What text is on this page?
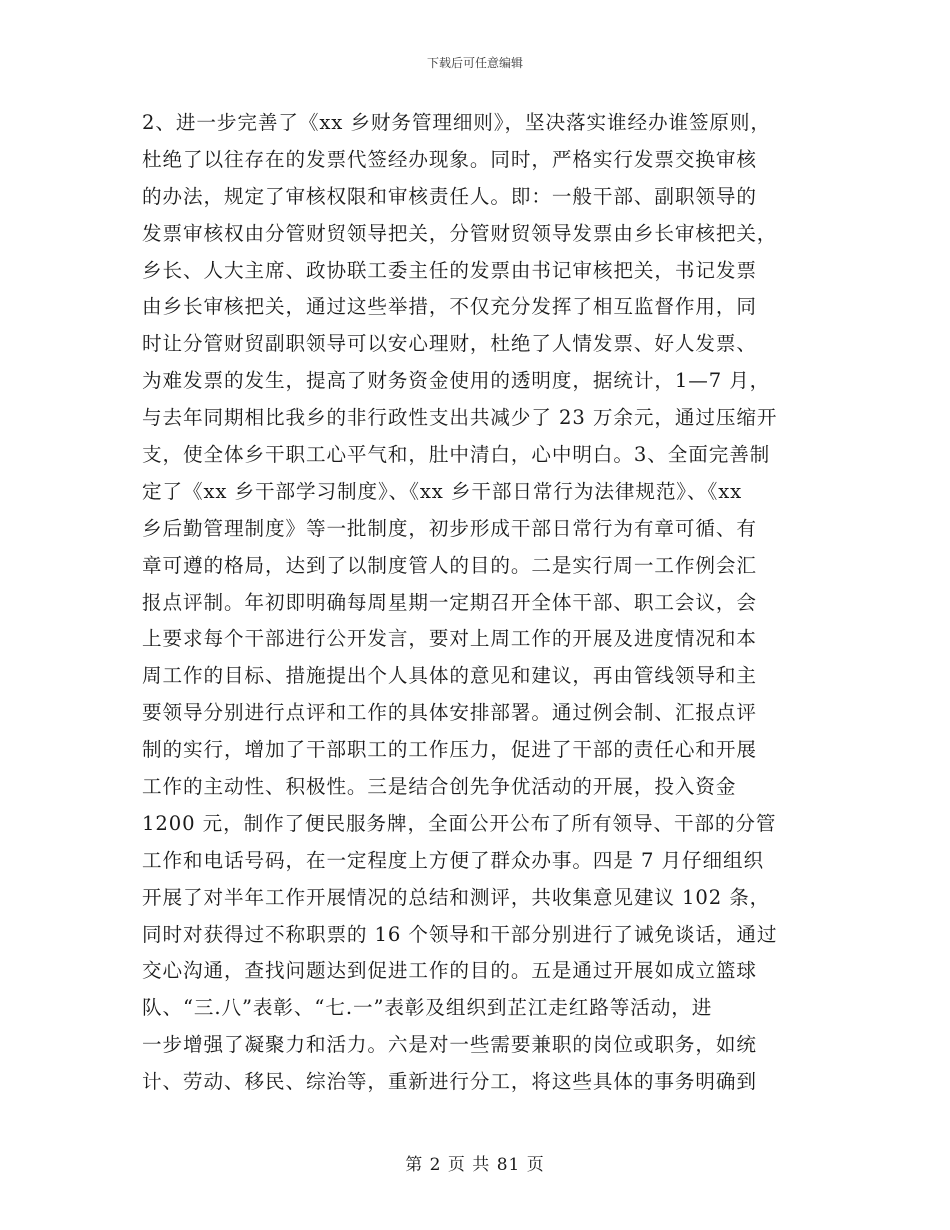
下载后可任意编辑
2、进一步完善了《xx 乡财务管理细则》，坚决落实谁经办谁签原则，
杜绝了以往存在的发票代签经办现象。同时，严格实行发票交换审核
的办法，规定了审核权限和审核责任人。即：一般干部、副职领导的
发票审核权由分管财贸领导把关，分管财贸领导发票由乡长审核把关，
乡长、人大主席、政协联工委主任的发票由书记审核把关，书记发票
由乡长审核把关，通过这些举措，不仅充分发挥了相互监督作用，同
时让分管财贸副职领导可以安心理财，杜绝了人情发票、好人发票、
为难发票的发生，提高了财务资金使用的透明度，据统计，1—7 月，
与去年同期相比我乡的非行政性支出共减少了 23 万余元，通过压缩开
支，使全体乡干职工心平气和，肚中清白，心中明白。3、全面完善制
定了《xx 乡干部学习制度》、《xx 乡干部日常行为法律规范》、《xx
乡后勤管理制度》等一批制度，初步形成干部日常行为有章可循、有
章可遵的格局，达到了以制度管人的目的。二是实行周一工作例会汇
报点评制。年初即明确每周星期一定期召开全体干部、职工会议，会
上要求每个干部进行公开发言，要对上周工作的开展及进度情况和本
周工作的目标、措施提出个人具体的意见和建议，再由管线领导和主
要领导分别进行点评和工作的具体安排部署。通过例会制、汇报点评
制的实行，增加了干部职工的工作压力，促进了干部的责任心和开展
工作的主动性、积极性。三是结合创先争优活动的开展，投入资金
1200 元，制作了便民服务牌，全面公开公布了所有领导、干部的分管
工作和电话号码，在一定程度上方便了群众办事。四是 7 月仔细组织
开展了对半年工作开展情况的总结和测评，共收集意见建议 102 条，
同时对获得过不称职票的 16 个领导和干部分别进行了诫免谈话，通过
交心沟通，查找问题达到促进工作的目的。五是通过开展如成立篮球
队、“三.八”表彰、“七.一”表彰及组织到芷江走红路等活动，进
一步增强了凝聚力和活力。六是对一些需要兼职的岗位或职务，如统
计、劳动、移民、综治等，重新进行分工，将这些具体的事务明确到
第 2 页 共 81 页
